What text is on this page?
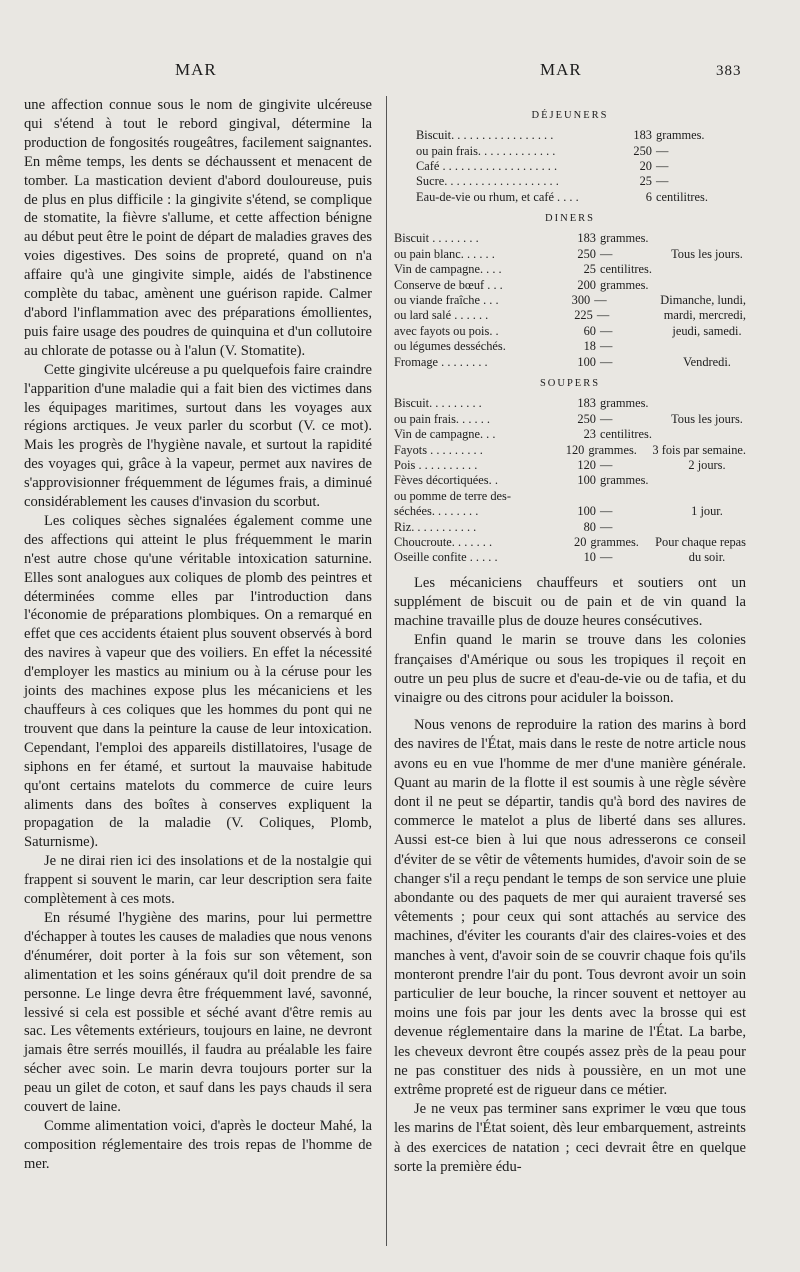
MAR	MAR	383

une affection connue sous le nom de gingivite ulcéreuse qui s'étend à tout le rebord gingival, détermine la production de fongosités rougeâtres, facilement saignantes. En même temps, les dents se déchaussent et menacent de tomber. La mastication devient d'abord douloureuse, puis de plus en plus difficile : la gingivite s'étend, se complique de stomatite, la fièvre s'allume, et cette affection bénigne au début peut être le point de départ de maladies graves des voies digestives. Des soins de propreté, quand on n'a affaire qu'à une gingivite simple, aidés de l'abstinence complète du tabac, amènent une guérison rapide. Calmer d'abord l'inflammation avec des préparations émollientes, puis faire usage des poudres de quinquina et d'un collutoire au chlorate de potasse ou à l'alun (V. Stomatite).

Cette gingivite ulcéreuse a pu quelquefois faire craindre l'apparition d'une maladie qui a fait bien des victimes dans les équipages maritimes, surtout dans les voyages aux régions arctiques. Je veux parler du scorbut (V. ce mot). Mais les progrès de l'hygiène navale, et surtout la rapidité des voyages qui, grâce à la vapeur, permet aux navires de s'approvisionner fréquemment de légumes frais, a diminué considérablement les causes d'invasion du scorbut.

Les coliques sèches signalées également comme une des affections qui atteint le plus fréquemment le marin n'est autre chose qu'une véritable intoxication saturnine. Elles sont analogues aux coliques de plomb des peintres et déterminées comme elles par l'introduction dans l'économie de préparations plombiques. On a remarqué en effet que ces accidents étaient plus souvent observés à bord des navires à vapeur que des voiliers. En effet la nécessité d'employer les mastics au minium ou à la céruse pour les joints des machines expose plus les mécaniciens et les chauffeurs à ces coliques que les hommes du pont qui ne trouvent que dans la peinture la cause de leur intoxication. Cependant, l'emploi des appareils distillatoires, l'usage de siphons en fer étamé, et surtout la mauvaise habitude qu'ont certains matelots du commerce de cuire leurs aliments dans des boîtes à conserves expliquent la propagation de la maladie (V. Coliques, Plomb, Saturnisme).

Je ne dirai rien ici des insolations et de la nostalgie qui frappent si souvent le marin, car leur description sera faite complètement à ces mots.

En résumé l'hygiène des marins, pour lui permettre d'échapper à toutes les causes de maladies que nous venons d'énumérer, doit porter à la fois sur son vêtement, son alimentation et les soins généraux qu'il doit prendre de sa personne. Le linge devra être fréquemment lavé, savonné, lessivé si cela est possible et séché avant d'être remis au sac. Les vêtements extérieurs, toujours en laine, ne devront jamais être serrés mouillés, il faudra au préalable les faire sécher avec soin. Le marin devra toujours porter sur la peau un gilet de coton, et sauf dans les pays chauds il sera couvert de laine.

Comme alimentation voici, d'après le docteur Mahé, la composition réglementaire des trois repas de l'homme de mer.

DÉJEUNERS
Biscuit. . . . . . . . . . . . . . . . .	183 grammes.
ou pain frais. . . . . . . . . . . . .	250 —
Café . . . . . . . . . . . . . . . . . . .	20 —
Sucre. . . . . . . . . . . . . . . . . . .	25 —
Eau-de-vie ou rhum, et café . . . .	6 centilitres.
DINERS
Biscuit . . . . . . . .	183 grammes.
ou pain blanc. . . . . .	250 —	Tous les jours.
Vin de campagne. . . .	25 centilitres.
Conserve de bœuf . . .	200 grammes.
ou viande fraîche . . .	300 —	Dimanche, lundi,
ou lard salé . . . . . .	225 —	mardi, mercredi,
avec fayots ou pois. .	60 —	jeudi, samedi.
ou légumes desséchés.	18 —
Fromage . . . . . . . .	100 —	Vendredi.
SOUPERS
Biscuit. . . . . . . . .	183 grammes.
ou pain frais. . . . . .	250 —	Tous les jours.
Vin de campagne. . .	23 centilitres.
Fayots . . . . . . . . .	120 grammes.	3 fois par semaine.
Pois . . . . . . . . . .	120 —	2 jours.
Fèves décortiquées. .	100 grammes.
ou pomme de terre des-
séchées. . . . . . . .	100 —	1 jour.
Riz. . . . . . . . . . .	80 —
Choucroute. . . . . . .	20 grammes.	Pour chaque repas
Oseille confite . . . . .	10 —	du soir.

Les mécaniciens chauffeurs et soutiers ont un supplément de biscuit ou de pain et de vin quand la machine travaille plus de douze heures consécutives.

Enfin quand le marin se trouve dans les colonies françaises d'Amérique ou sous les tropiques il reçoit en outre un peu plus de sucre et d'eau-de-vie ou de tafia, et du vinaigre ou des citrons pour aciduler la boisson.

Nous venons de reproduire la ration des marins à bord des navires de l'État, mais dans le reste de notre article nous avons eu en vue l'homme de mer d'une manière générale. Quant au marin de la flotte il est soumis à une règle sévère dont il ne peut se départir, tandis qu'à bord des navires de commerce le matelot a plus de liberté dans ses allures. Aussi est-ce bien à lui que nous adresserons ce conseil d'éviter de se vêtir de vêtements humides, d'avoir soin de se changer s'il a reçu pendant le temps de son service une pluie abondante ou des paquets de mer qui auraient traversé ses vêtements ; pour ceux qui sont attachés au service des machines, d'éviter les courants d'air des claires-voies et des manches à vent, d'avoir soin de se couvrir chaque fois qu'ils monteront prendre l'air du pont. Tous devront avoir un soin particulier de leur bouche, la rincer souvent et nettoyer au moins une fois par jour les dents avec la brosse qui est devenue réglementaire dans la marine de l'État. La barbe, les cheveux devront être coupés assez près de la peau pour ne pas constituer des nids à poussière, en un mot une extrême propreté est de rigueur dans ce métier.

Je ne veux pas terminer sans exprimer le vœu que tous les marins de l'État soient, dès leur embarquement, astreints à des exercices de natation ; ceci devrait être en quelque sorte la première édu-
